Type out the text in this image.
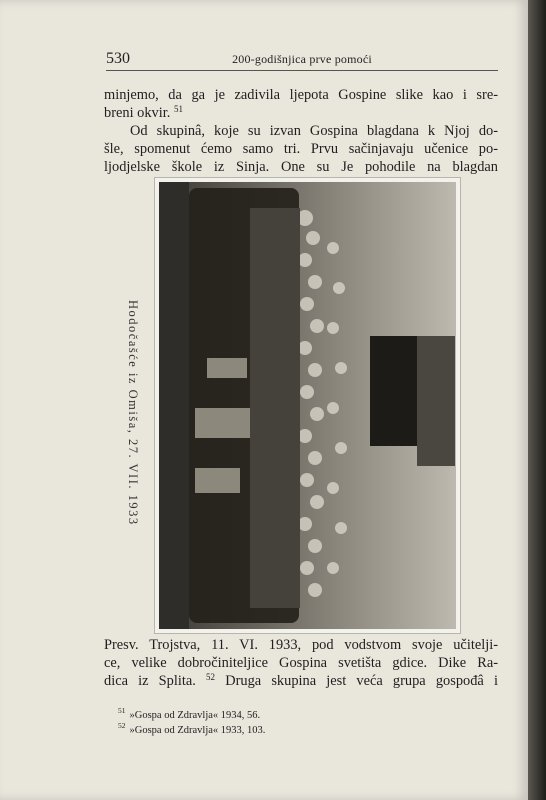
530	200-godišnjica prve pomoći
minjemo, da ga je zadivila ljepota Gospine slike kao i sre-
breni okvir. $^{51}$
Od skupinâ, koje su izvan Gospina blagdana k Njoj do-
šle, spomenut ćemo samo tri. Prvu sačinjavaju učenice po-
ljodjelske škole iz Sinja. One su Je pohodile na blagdan
Hodočašće iz Omiša, 27. VII. 1933
Presv. Trojstva, 11. VI. 1933, pod vodstvom svoje učitelji-
ce, velike dobročiniteljice Gospina svetišta gdice. Dike Ra-
dica iz Splita. $^{52}$ Druga skupina jest veća grupa gospođâ i
$^{51}$ »Gospa od Zdravlja« 1934, 56.
$^{52}$ »Gospa od Zdravlja« 1933, 103.
